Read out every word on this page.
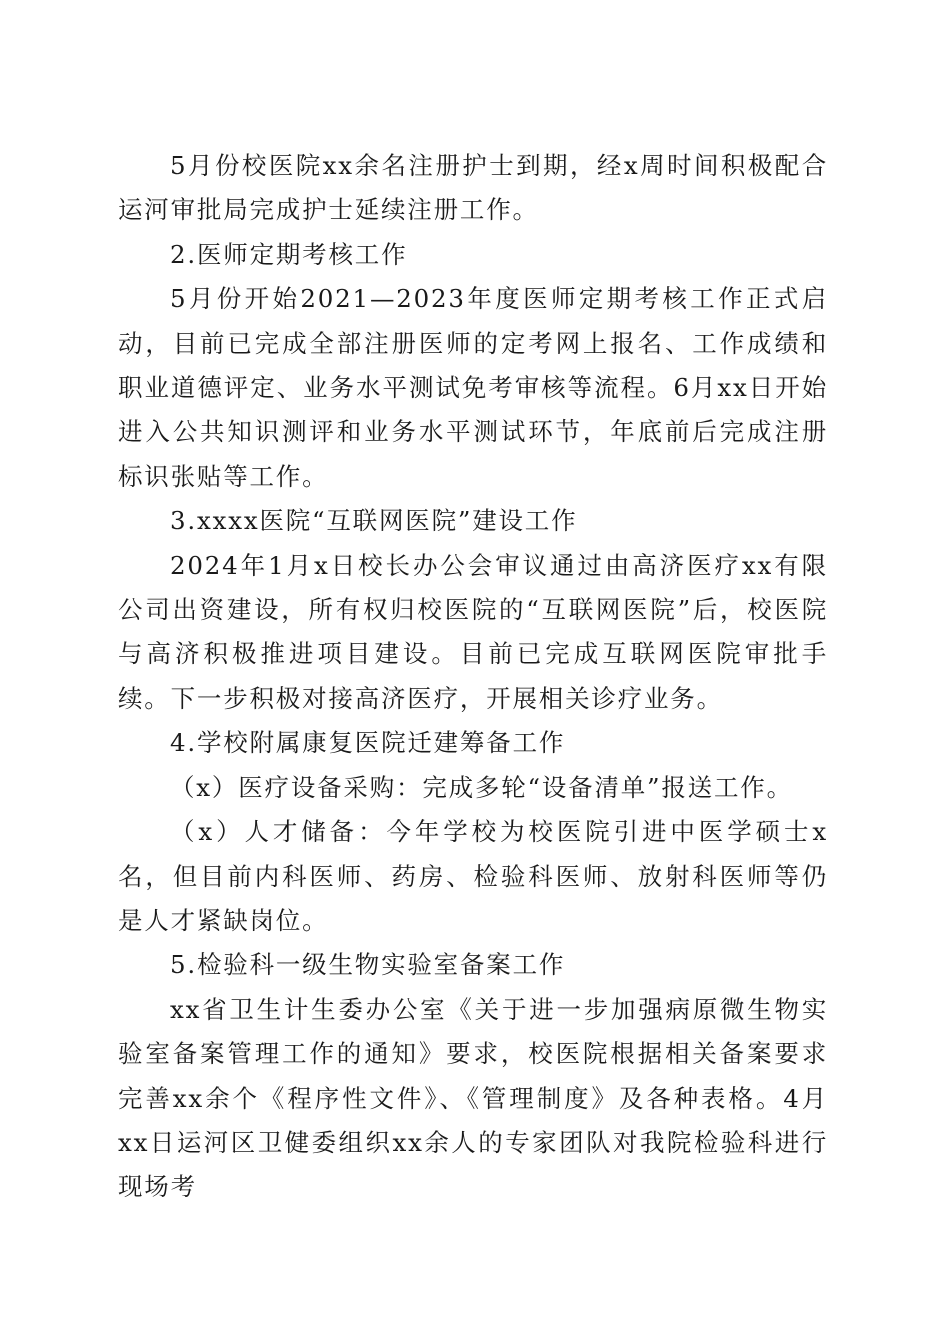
5月份校医院xx余名注册护士到期，经x周时间积极配合运河审批局完成护士延续注册工作。

2.医师定期考核工作

5月份开始2021—2023年度医师定期考核工作正式启动，目前已完成全部注册医师的定考网上报名、工作成绩和职业道德评定、业务水平测试免考审核等流程。6月xx日开始进入公共知识测评和业务水平测试环节，年底前后完成注册标识张贴等工作。

3.xxxx医院“互联网医院”建设工作

2024年1月x日校长办公会审议通过由高济医疗xx有限公司出资建设，所有权归校医院的“互联网医院”后，校医院与高济积极推进项目建设。目前已完成互联网医院审批手续。下一步积极对接高济医疗，开展相关诊疗业务。

4.学校附属康复医院迁建筹备工作

（x）医疗设备采购：完成多轮“设备清单”报送工作。

（x）人才储备：今年学校为校医院引进中医学硕士x名，但目前内科医师、药房、检验科医师、放射科医师等仍是人才紧缺岗位。

5.检验科一级生物实验室备案工作

xx省卫生计生委办公室《关于进一步加强病原微生物实验室备案管理工作的通知》要求，校医院根据相关备案要求完善xx余个《程序性文件》、《管理制度》及各种表格。4月xx日运河区卫健委组织xx余人的专家团队对我院检验科进行现场考
